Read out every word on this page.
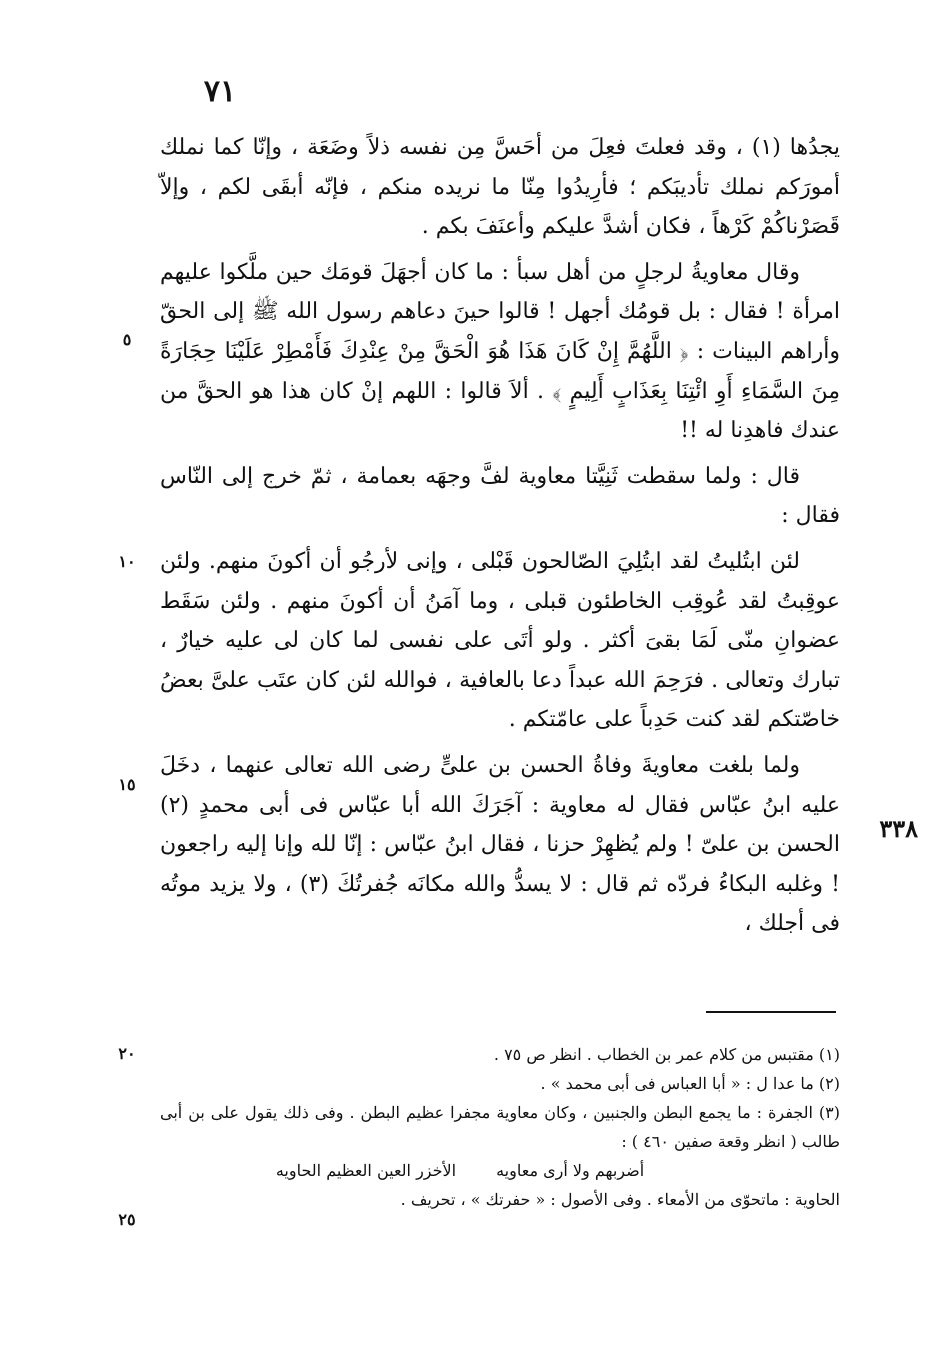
٧١

يجدُها (١) ، وقد فعلتَ فعِلَ من أحَسَّ مِن نفسه ذلاً وضَعَة ، وإنّا كما نملك أمورَكم نملك تأديبَكم ؛ فأرِيدُوا مِنّا ما نريده منكم ، فإنّه أبقَى لكم ، وإلاّ قَصَرْناكُمْ كَرْهاً ، فكان أشدَّ عليكم وأعنَفَ بكم .

وقال معاويةُ لرجلٍ من أهل سبأ : ما كان أجهَلَ قومَك حين ملَّكوا عليهم امرأة ! فقال : بل قومُك أجهل ! قالوا حينَ دعاهم رسول الله ﷺ إلى الحقّ وأراهم البينات : ﴿ اللَّهُمَّ إِنْ كَانَ هَذَا هُوَ الْحَقَّ مِنْ عِنْدِكَ فَأَمْطِرْ عَلَيْنَا حِجَارَةً مِنَ السَّمَاءِ أَوِ ائْتِنَا بِعَذَابٍ أَلِيمٍ ﴾ . ألاَ قالوا : اللهم إنْ كان هذا هو الحقَّ من عندك فاهدِنا له !!

قال : ولما سقطت ثَنِيَّتا معاوية لفَّ وجهَه بعمامة ، ثمّ خرج إلى النّاس فقال :

لئن ابتُليتُ لقد ابتُلِيَ الصّالحون قَبْلى ، وإنى لأرجُو أن أكونَ منهم. ولئن عوقِبتُ لقد عُوقِب الخاطئون قبلى ، وما آمَنُ أن أكونَ منهم . ولئن سَقَط عضوانِ منّى لَمَا بقىَ أكثر . ولو أتَى على نفسى لما كان لى عليه خيارٌ ، تبارك وتعالى . فرَحِمَ الله عبداً دعا بالعافية ، فوالله لئن كان عتَب علىَّ بعضُ خاصّتكم لقد كنت حَدِباً على عامّتكم .

ولما بلغت معاويةَ وفاةُ الحسن بن علىٍّ رضى الله تعالى عنهما ، دخَلَ عليه ابنُ عبّاس فقال له معاوية : آجَرَكَ الله أبا عبّاس فى أبى محمدٍ (٢) الحسن بن علىّ ! ولم يُظهِرْ حزنا ، فقال ابنُ عبّاس : إنّا لله وإنا إليه راجعون ! وغلبه البكاءُ فردّه ثم قال : لا يسدُّ والله مكانَه جُفرتُكَ (٣) ، ولا يزيد موتُه فى أجلك ،

٥
١٠
١٥
٢٠
٢٥
٣٣٨

(١) مقتبس من كلام عمر بن الخطاب . انظر ص ٧٥ .

(٢) ما عدا ل : « أبا العباس فى أبى محمد » .

(٣) الجفرة : ما يجمع البطن والجنبين ، وكان معاوية مجفرا عظيم البطن . وفى ذلك يقول على بن أبى طالب ( انظر وقعة صفين ٤٦٠ ) :

أضربهم ولا أرى معاويه
الأخزر العين العظيم الحاويه

الحاوية : ماتحوّى من الأمعاء . وفى الأصول : « حفرتك » ، تحريف .
